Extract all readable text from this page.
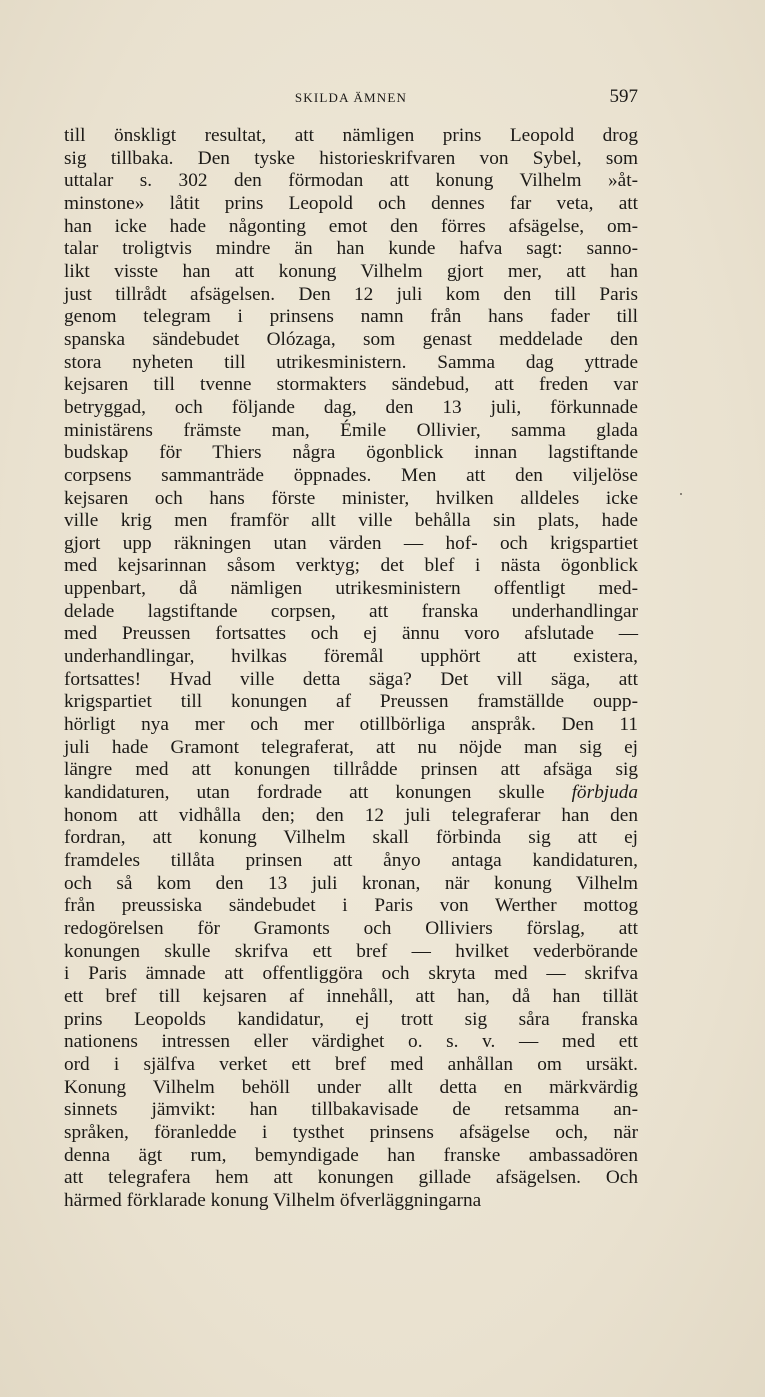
SKILDA ÄMNEN	597
till önskligt resultat, att nämligen prins Leopold drog
sig tillbaka. Den tyske historieskrifvaren von Sybel, som
uttalar s. 302 den förmodan att konung Vilhelm »åt-
minstone» låtit prins Leopold och dennes far veta, att
han icke hade någonting emot den förres afsägelse, om-
talar troligtvis mindre än han kunde hafva sagt: sanno-
likt visste han att konung Vilhelm gjort mer, att han
just tillrådt afsägelsen. Den 12 juli kom den till Paris
genom telegram i prinsens namn från hans fader till
spanska sändebudet Olózaga, som genast meddelade den
stora nyheten till utrikesministern. Samma dag yttrade
kejsaren till tvenne stormakters sändebud, att freden var
betryggad, och följande dag, den 13 juli, förkunnade
ministärens främste man, Émile Ollivier, samma glada
budskap för Thiers några ögonblick innan lagstiftande
corpsens sammanträde öppnades. Men att den viljelöse
kejsaren och hans förste minister, hvilken alldeles icke
ville krig men framför allt ville behålla sin plats, hade
gjort upp räkningen utan värden — hof- och krigspartiet
med kejsarinnan såsom verktyg; det blef i nästa ögonblick
uppenbart, då nämligen utrikesministern offentligt med-
delade lagstiftande corpsen, att franska underhandlingar
med Preussen fortsattes och ej ännu voro afslutade —
underhandlingar, hvilkas föremål upphört att existera,
fortsattes! Hvad ville detta säga? Det vill säga, att
krigspartiet till konungen af Preussen framställde oupp-
hörligt nya mer och mer otillbörliga anspråk. Den 11
juli hade Gramont telegraferat, att nu nöjde man sig ej
längre med att konungen tillrådde prinsen att afsäga sig
kandidaturen, utan fordrade att konungen skulle förbjuda
honom att vidhålla den; den 12 juli telegraferar han den
fordran, att konung Vilhelm skall förbinda sig att ej
framdeles tillåta prinsen att ånyo antaga kandidaturen,
och så kom den 13 juli kronan, när konung Vilhelm
från preussiska sändebudet i Paris von Werther mottog
redogörelsen för Gramonts och Olliviers förslag, att
konungen skulle skrifva ett bref — hvilket vederbörande
i Paris ämnade att offentliggöra och skryta med — skrifva
ett bref till kejsaren af innehåll, att han, då han tillät
prins Leopolds kandidatur, ej trott sig såra franska
nationens intressen eller värdighet o. s. v. — med ett
ord i själfva verket ett bref med anhållan om ursäkt.
Konung Vilhelm behöll under allt detta en märkvärdig
sinnets jämvikt: han tillbakavisade de retsamma an-
språken, föranledde i tysthet prinsens afsägelse och, när
denna ägt rum, bemyndigade han franske ambassadören
att telegrafera hem att konungen gillade afsägelsen. Och
härmed förklarade konung Vilhelm öfverläggningarna
